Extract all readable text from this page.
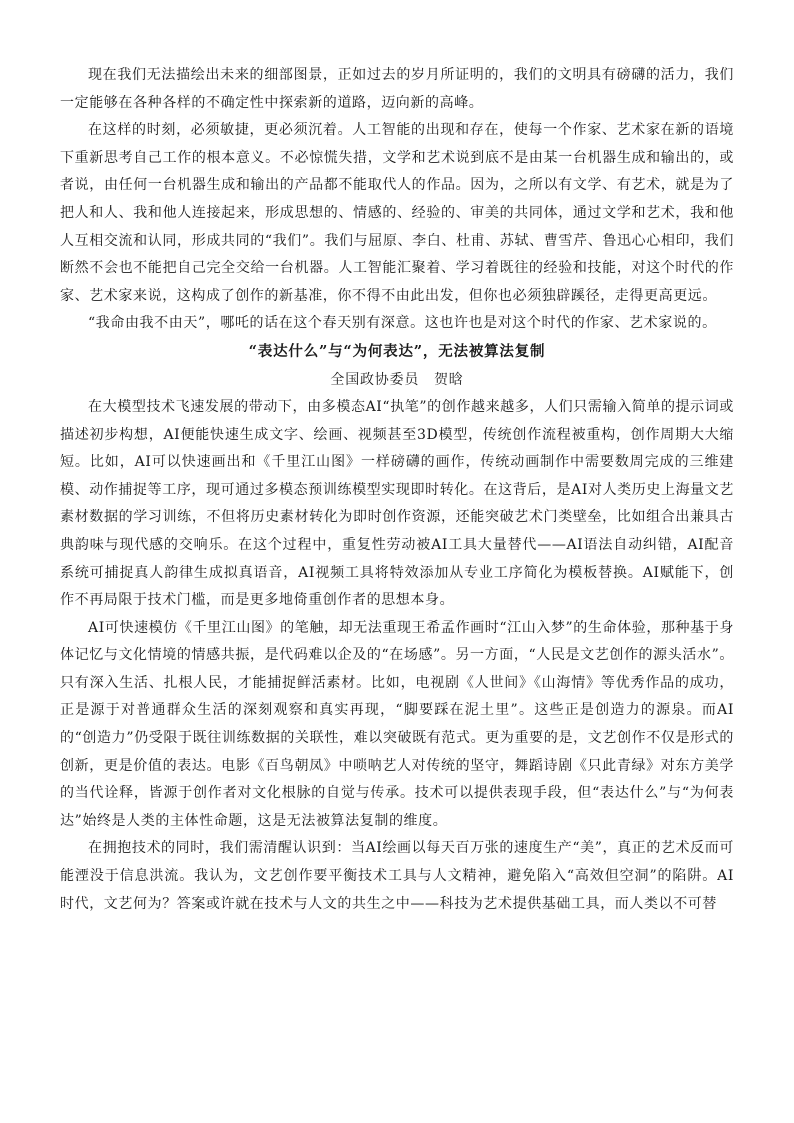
现在我们无法描绘出未来的细部图景，正如过去的岁月所证明的，我们的文明具有磅礴的活力，我们一定能够在各种各样的不确定性中探索新的道路，迈向新的高峰。

在这样的时刻，必须敏捷，更必须沉着。人工智能的出现和存在，使每一个作家、艺术家在新的语境下重新思考自己工作的根本意义。不必惊慌失措，文学和艺术说到底不是由某一台机器生成和输出的，或者说，由任何一台机器生成和输出的产品都不能取代人的作品。因为，之所以有文学、有艺术，就是为了把人和人、我和他人连接起来，形成思想的、情感的、经验的、审美的共同体，通过文学和艺术，我和他人互相交流和认同，形成共同的“我们”。我们与屈原、李白、杜甫、苏轼、曹雪芹、鲁迅心心相印，我们断然不会也不能把自己完全交给一台机器。人工智能汇聚着、学习着既往的经验和技能，对这个时代的作家、艺术家来说，这构成了创作的新基准，你不得不由此出发，但你也必须独辟蹊径，走得更高更远。

“我命由我不由天”，哪吒的话在这个春天别有深意。这也许也是对这个时代的作家、艺术家说的。

“表达什么”与“为何表达”，无法被算法复制

全国政协委员　贺晗

在大模型技术飞速发展的带动下，由多模态AI“执笔”的创作越来越多，人们只需输入简单的提示词或描述初步构想，AI便能快速生成文字、绘画、视频甚至3D模型，传统创作流程被重构，创作周期大大缩短。比如，AI可以快速画出和《千里江山图》一样磅礴的画作，传统动画制作中需要数周完成的三维建模、动作捕捉等工序，现可通过多模态预训练模型实现即时转化。在这背后，是AI对人类历史上海量文艺素材数据的学习训练，不但将历史素材转化为即时创作资源，还能突破艺术门类壁垒，比如组合出兼具古典韵味与现代感的交响乐。在这个过程中，重复性劳动被AI工具大量替代——AI语法自动纠错，AI配音系统可捕捉真人韵律生成拟真语音，AI视频工具将特效添加从专业工序简化为模板替换。AI赋能下，创作不再局限于技术门槛，而是更多地倚重创作者的思想本身。

AI可快速模仿《千里江山图》的笔触，却无法重现王希孟作画时“江山入梦”的生命体验，那种基于身体记忆与文化情境的情感共振，是代码难以企及的“在场感”。另一方面，“人民是文艺创作的源头活水”。只有深入生活、扎根人民，才能捕捉鲜活素材。比如，电视剧《人世间》《山海情》等优秀作品的成功，正是源于对普通群众生活的深刻观察和真实再现，“脚要踩在泥土里”。这些正是创造力的源泉。而AI的“创造力”仍受限于既往训练数据的关联性，难以突破既有范式。更为重要的是，文艺创作不仅是形式的创新，更是价值的表达。电影《百鸟朝凤》中唢呐艺人对传统的坚守，舞蹈诗剧《只此青绿》对东方美学的当代诠释，皆源于创作者对文化根脉的自觉与传承。技术可以提供表现手段，但“表达什么”与“为何表达”始终是人类的主体性命题，这是无法被算法复制的维度。

在拥抱技术的同时，我们需清醒认识到：当AI绘画以每天百万张的速度生产“美”，真正的艺术反而可能湮没于信息洪流。我认为，文艺创作要平衡技术工具与人文精神，避免陷入“高效但空洞”的陷阱。AI时代，文艺何为？答案或许就在技术与人文的共生之中——科技为艺术提供基础工具，而人类以不可替
